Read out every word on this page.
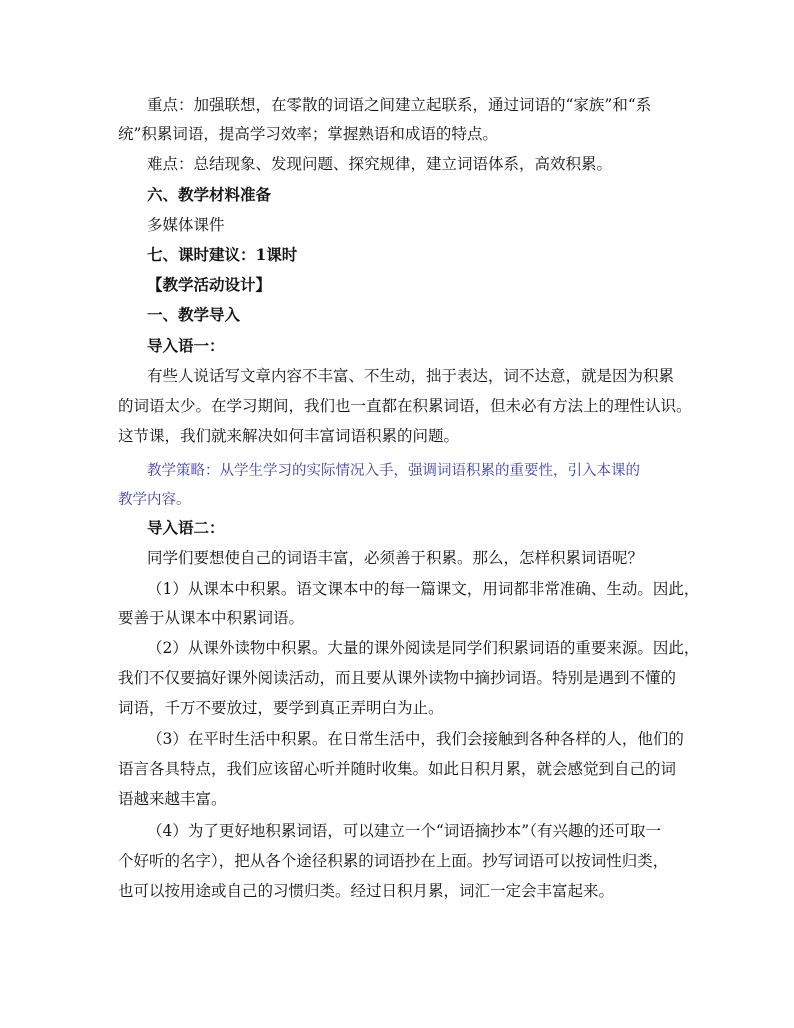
重点：加强联想，在零散的词语之间建立起联系，通过词语的“家族”和“系
统”积累词语，提高学习效率；掌握熟语和成语的特点。
难点：总结现象、发现问题、探究规律，建立词语体系，高效积累。
六、教学材料准备
多媒体课件
七、课时建议：1课时
【教学活动设计】
一、教学导入
导入语一：
有些人说话写文章内容不丰富、不生动，拙于表达，词不达意，就是因为积累
的词语太少。在学习期间，我们也一直都在积累词语，但未必有方法上的理性认识。
这节课，我们就来解决如何丰富词语积累的问题。
教学策略：从学生学习的实际情况入手，强调词语积累的重要性，引入本课的
教学内容。
导入语二：
同学们要想使自己的词语丰富，必须善于积累。那么，怎样积累词语呢？
（1）从课本中积累。语文课本中的每一篇课文，用词都非常准确、生动。因此，
要善于从课本中积累词语。
（2）从课外读物中积累。大量的课外阅读是同学们积累词语的重要来源。因此，
我们不仅要搞好课外阅读活动，而且要从课外读物中摘抄词语。特别是遇到不懂的
词语，千万不要放过，要学到真正弄明白为止。
（3）在平时生活中积累。在日常生活中，我们会接触到各种各样的人，他们的
语言各具特点，我们应该留心听并随时收集。如此日积月累，就会感觉到自己的词
语越来越丰富。
（4）为了更好地积累词语，可以建立一个“词语摘抄本”（有兴趣的还可取一
个好听的名字），把从各个途径积累的词语抄在上面。抄写词语可以按词性归类，
也可以按用途或自己的习惯归类。经过日积月累，词汇一定会丰富起来。
